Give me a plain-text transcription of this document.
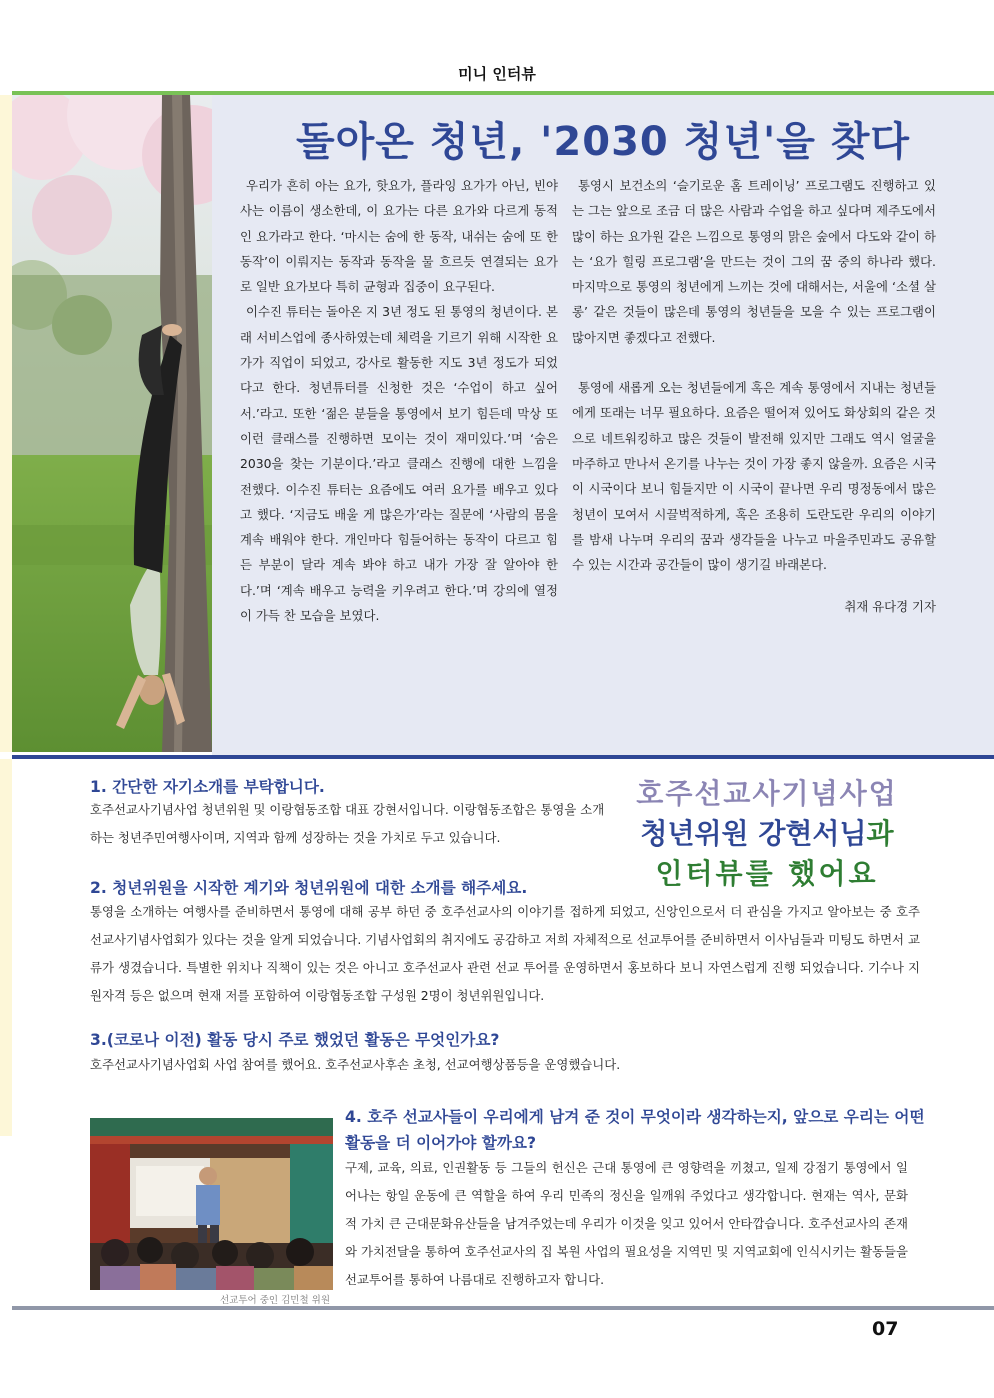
미니 인터뷰
돌아온 청년, '2030 청년'을 찾다

우리가 흔히 아는 요가, 핫요가, 플라잉 요가가 아닌, 빈야사는 이름이 생소한데, 이 요가는 다른 요가와 다르게 동적인 요가라고 한다. ‘마시는 숨에 한 동작, 내쉬는 숨에 또 한 동작’이 이뤄지는 동작과 동작을 물 흐르듯 연결되는 요가로 일반 요가보다 특히 균형과 집중이 요구된다.

이수진 튜터는 돌아온 지 3년 정도 된 통영의 청년이다. 본래 서비스업에 종사하였는데 체력을 기르기 위해 시작한 요가가 직업이 되었고, 강사로 활동한 지도 3년 정도가 되었다고 한다. 청년튜터를 신청한 것은 ‘수업이 하고 싶어서.’라고. 또한 ‘젊은 분들을 통영에서 보기 힘든데 막상 또 이런 클래스를 진행하면 모이는 것이 재미있다.’며 ‘숨은 2030을 찾는 기분이다.’라고 클래스 진행에 대한 느낌을 전했다. 이수진 튜터는 요즘에도 여러 요가를 배우고 있다고 했다. ‘지금도 배울 게 많은가’라는 질문에 ‘사람의 몸을 계속 배워야 한다. 개인마다 힘들어하는 동작이 다르고 힘든 부분이 달라 계속 봐야 하고 내가 가장 잘 알아야 한다.’며 ‘계속 배우고 능력을 키우려고 한다.’며 강의에 열정이 가득 찬 모습을 보였다.

통영시 보건소의 ‘슬기로운 홈 트레이닝’ 프로그램도 진행하고 있는 그는 앞으로 조금 더 많은 사람과 수업을 하고 싶다며 제주도에서 많이 하는 요가원 같은 느낌으로 통영의 맑은 숲에서 다도와 같이 하는 ‘요가 힐링 프로그램’을 만드는 것이 그의 꿈 중의 하나라 했다. 마지막으로 통영의 청년에게 느끼는 것에 대해서는, 서울에 ‘소셜 살롱’ 같은 것들이 많은데 통영의 청년들을 모을 수 있는 프로그램이 많아지면 좋겠다고 전했다.

통영에 새롭게 오는 청년들에게 혹은 계속 통영에서 지내는 청년들에게 또래는 너무 필요하다. 요즘은 떨어져 있어도 화상회의 같은 것으로 네트워킹하고 많은 것들이 발전해 있지만 그래도 역시 얼굴을 마주하고 만나서 온기를 나누는 것이 가장 좋지 않을까. 요즘은 시국이 시국이다 보니 힘들지만 이 시국이 끝나면 우리 명정동에서 많은 청년이 모여서 시끌벅적하게, 혹은 조용히 도란도란 우리의 이야기를 밤새 나누며 우리의 꿈과 생각들을 나누고 마을주민과도 공유할 수 있는 시간과 공간들이 많이 생기길 바래본다.

취재 유다경 기자
호주선교사기념사업
청년위원 강현서님과
인터뷰를 했어요
1. 간단한 자기소개를 부탁합니다.
호주선교사기념사업 청년위원 및 이랑협동조합 대표 강현서입니다. 이랑협동조합은 통영을 소개하는 청년주민여행사이며, 지역과 함께 성장하는 것을 가치로 두고 있습니다.
2. 청년위원을 시작한 계기와 청년위원에 대한 소개를 해주세요.
통영을 소개하는 여행사를 준비하면서 통영에 대해 공부 하던 중 호주선교사의 이야기를 접하게 되었고, 신앙인으로서 더 관심을 가지고 알아보는 중 호주선교사기념사업회가 있다는 것을 알게 되었습니다. 기념사업회의 취지에도 공감하고 저희 자체적으로 선교투어를 준비하면서 이사님들과 미팅도 하면서 교류가 생겼습니다. 특별한 위치나 직책이 있는 것은 아니고 호주선교사 관련 선교 투어를 운영하면서 홍보하다 보니 자연스럽게 진행 되었습니다. 기수나 지원자격 등은 없으며 현재 저를 포함하여 이랑협동조합 구성원 2명이 청년위원입니다.
3.(코로나 이전) 활동 당시 주로 했었던 활동은 무엇인가요?
호주선교사기념사업회 사업 참여를 했어요. 호주선교사후손 초청, 선교여행상품등을 운영했습니다.
선교투어 중인 김민철 위원
4. 호주 선교사들이 우리에게 남겨 준 것이 무엇이라 생각하는지, 앞으로 우리는 어떤 활동을 더 이어가야 할까요?
구제, 교육, 의료, 인권활동 등 그들의 헌신은 근대 통영에 큰 영향력을 끼쳤고, 일제 강점기 통영에서 일어나는 항일 운동에 큰 역할을 하여 우리 민족의 정신을 일깨워 주었다고 생각합니다. 현재는 역사, 문화적 가치 큰 근대문화유산들을 남겨주었는데 우리가 이것을 잊고 있어서 안타깝습니다. 호주선교사의 존재와 가치전달을 통하여 호주선교사의 집 복원 사업의 필요성을 지역민 및 지역교회에 인식시키는 활동들을 선교투어를 통하여 나름대로 진행하고자 합니다.
07
